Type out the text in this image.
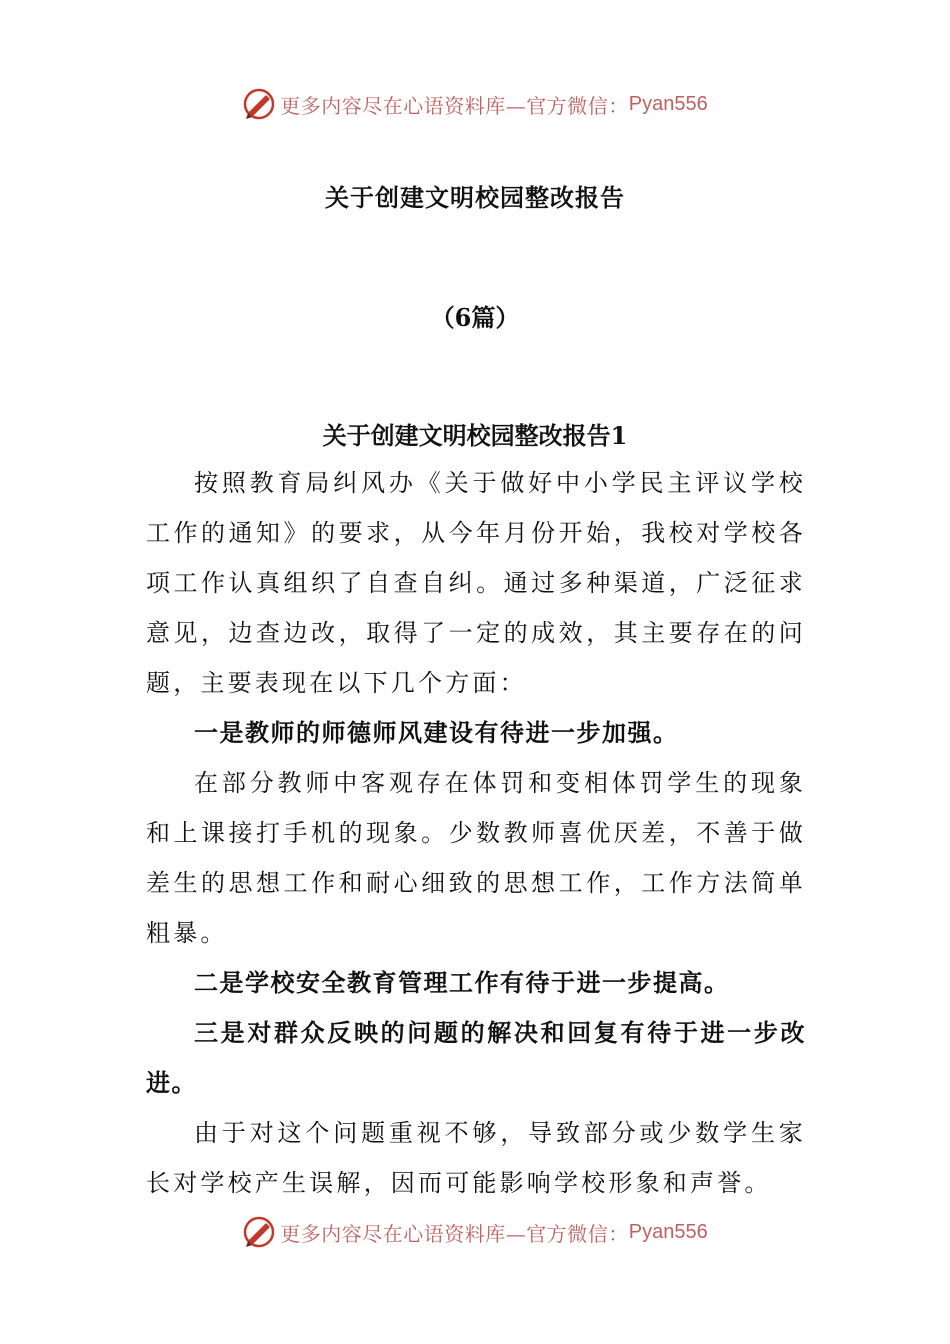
更多内容尽在心语资料库—官方微信： Pyan556
关于创建文明校园整改报告
（6篇）
关于创建文明校园整改报告1

按照教育局纠风办《关于做好中小学民主评议学校工作的通知》的要求，从今年月份开始，我校对学校各项工作认真组织了自查自纠。通过多种渠道，广泛征求意见，边查边改，取得了一定的成效，其主要存在的问题，主要表现在以下几个方面：

一是教师的师德师风建设有待进一步加强。

在部分教师中客观存在体罚和变相体罚学生的现象和上课接打手机的现象。少数教师喜优厌差，不善于做差生的思想工作和耐心细致的思想工作，工作方法简单粗暴。

二是学校安全教育管理工作有待于进一步提高。

三是对群众反映的问题的解决和回复有待于进一步改进。

由于对这个问题重视不够，导致部分或少数学生家长对学校产生误解，因而可能影响学校形象和声誉。

更多内容尽在心语资料库—官方微信： Pyan556
